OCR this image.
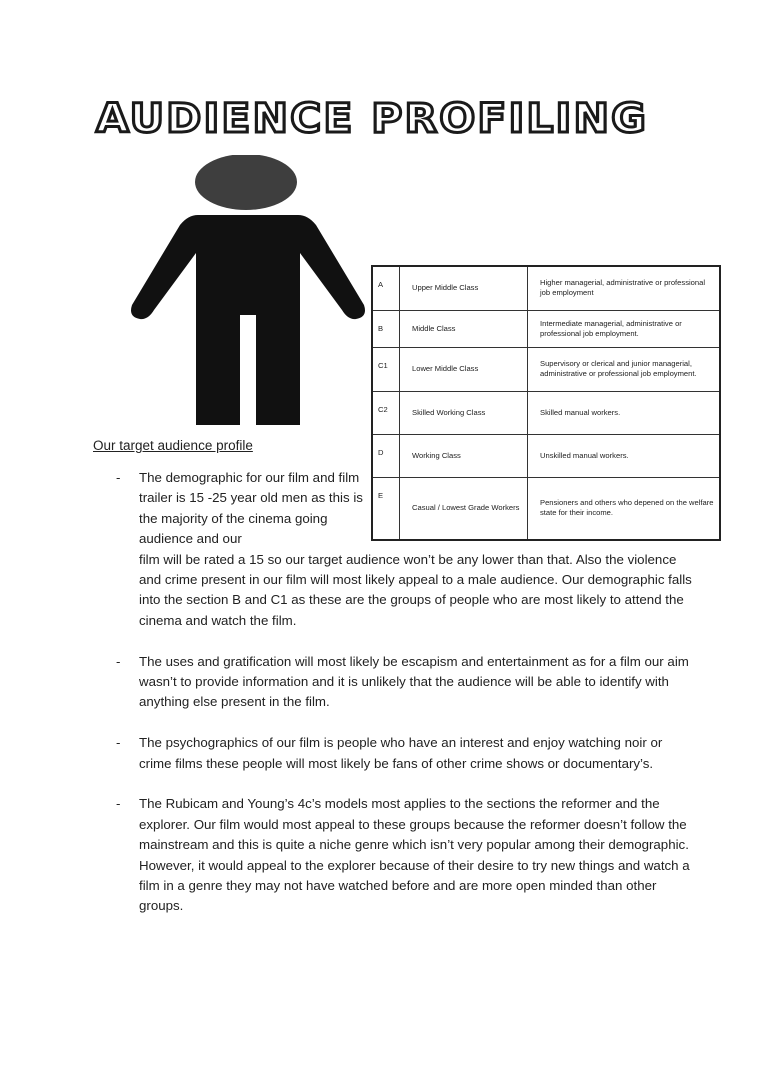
AUDIENCE PROFILING
A	Upper Middle Class	Higher managerial, administrative or professional job employment
B	Middle Class	Intermediate managerial, administrative or professional job employment.
C1	Lower Middle Class	Supervisory or clerical and junior managerial, administrative or professional job employment.
C2	Skilled Working Class	Skilled manual workers.
D	Working Class	Unskilled manual workers.
E	Casual / Lowest Grade Workers	Pensioners and others who depened on the welfare state for their income.
Our target audience profile
- The demographic for our film and film trailer is 15 -25 year old men as this is the majority of the cinema going audience and our
film will be rated a 15 so our target audience won’t be any lower than that. Also the violence and crime present in our film will most likely appeal to a male audience. Our demographic falls into the section B and C1 as these are the groups of people who are most likely to attend the cinema and watch the film.
- The uses and gratification will most likely be escapism and entertainment as for a film our aim wasn’t to provide information and it is unlikely that the audience will be able to identify with anything else present in the film.
- The psychographics of our film is people who have an interest and enjoy watching noir or crime films these people will most likely be fans of other crime shows or documentary’s.
- The Rubicam and Young’s 4c’s models most applies to the sections the reformer and the explorer. Our film would most appeal to these groups because the reformer doesn’t follow the mainstream and this is quite a niche genre which isn’t very popular among their demographic. However, it would appeal to the explorer because of their desire to try new things and watch a film in a genre they may not have watched before and are more open minded than other groups.
